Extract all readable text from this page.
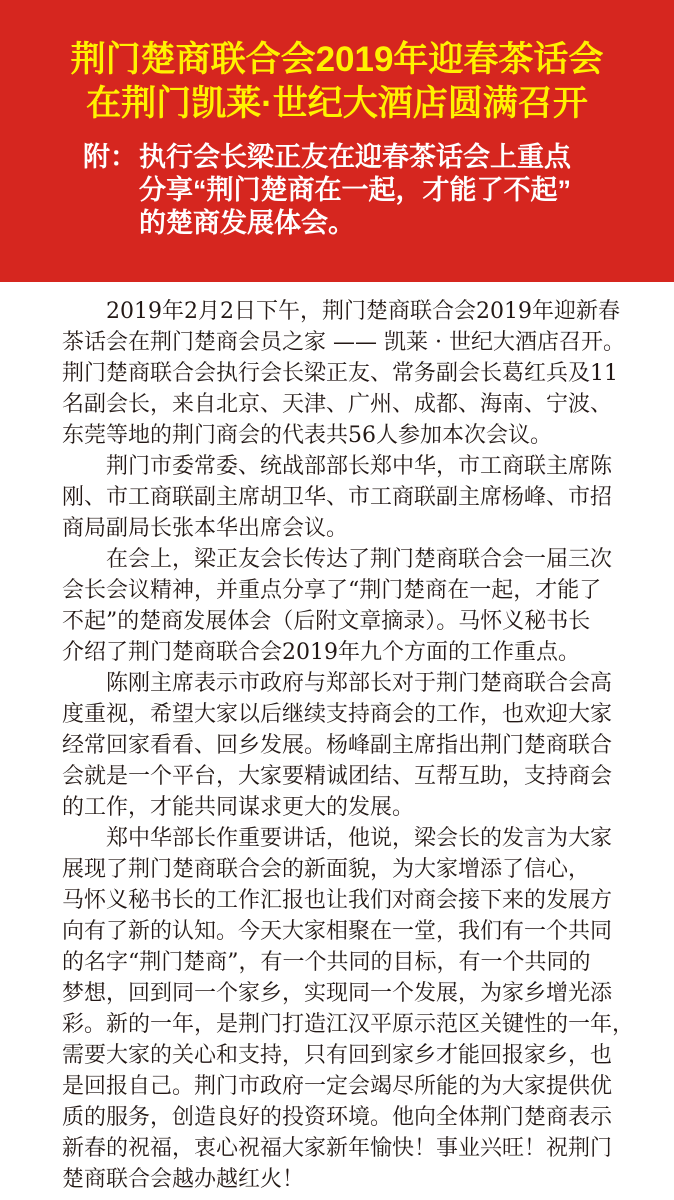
荆门楚商联合会2019年迎春茶话会
在荆门凯莱·世纪大酒店圆满召开
附： 执行会长梁正友在迎春茶话会上重点
分享“荆门楚商在一起，才能了不起”
的楚商发展体会。
2019年2月2日下午，荆门楚商联合会2019年迎新春
茶话会在荆门楚商会员之家 —— 凯莱 · 世纪大酒店召开。
荆门楚商联合会执行会长梁正友、常务副会长葛红兵及11
名副会长，来自北京、天津、广州、成都、海南、宁波、
东莞等地的荆门商会的代表共56人参加本次会议。
荆门市委常委、统战部部长郑中华，市工商联主席陈
刚、市工商联副主席胡卫华、市工商联副主席杨峰、市招
商局副局长张本华出席会议。
在会上，梁正友会长传达了荆门楚商联合会一届三次
会长会议精神，并重点分享了“荆门楚商在一起，才能了
不起”的楚商发展体会（后附文章摘录）。马怀义秘书长
介绍了荆门楚商联合会2019年九个方面的工作重点。
陈刚主席表示市政府与郑部长对于荆门楚商联合会高
度重视，希望大家以后继续支持商会的工作，也欢迎大家
经常回家看看、回乡发展。杨峰副主席指出荆门楚商联合
会就是一个平台，大家要精诚团结、互帮互助，支持商会
的工作，才能共同谋求更大的发展。
郑中华部长作重要讲话，他说，梁会长的发言为大家
展现了荆门楚商联合会的新面貌，为大家增添了信心，
马怀义秘书长的工作汇报也让我们对商会接下来的发展方
向有了新的认知。今天大家相聚在一堂，我们有一个共同
的名字“荆门楚商”，有一个共同的目标，有一个共同的
梦想，回到同一个家乡，实现同一个发展，为家乡增光添
彩。新的一年，是荆门打造江汉平原示范区关键性的一年，
需要大家的关心和支持，只有回到家乡才能回报家乡，也
是回报自己。荆门市政府一定会竭尽所能的为大家提供优
质的服务，创造良好的投资环境。他向全体荆门楚商表示
新春的祝福，衷心祝福大家新年愉快！事业兴旺！祝荆门
楚商联合会越办越红火！
